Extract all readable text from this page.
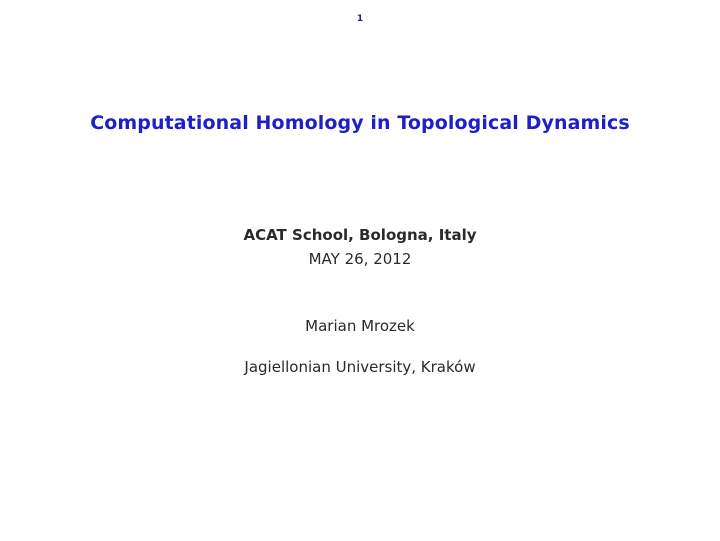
1
Computational Homology in Topological Dynamics
ACAT School, Bologna, Italy
MAY 26, 2012
Marian Mrozek
Jagiellonian University, Kraków
